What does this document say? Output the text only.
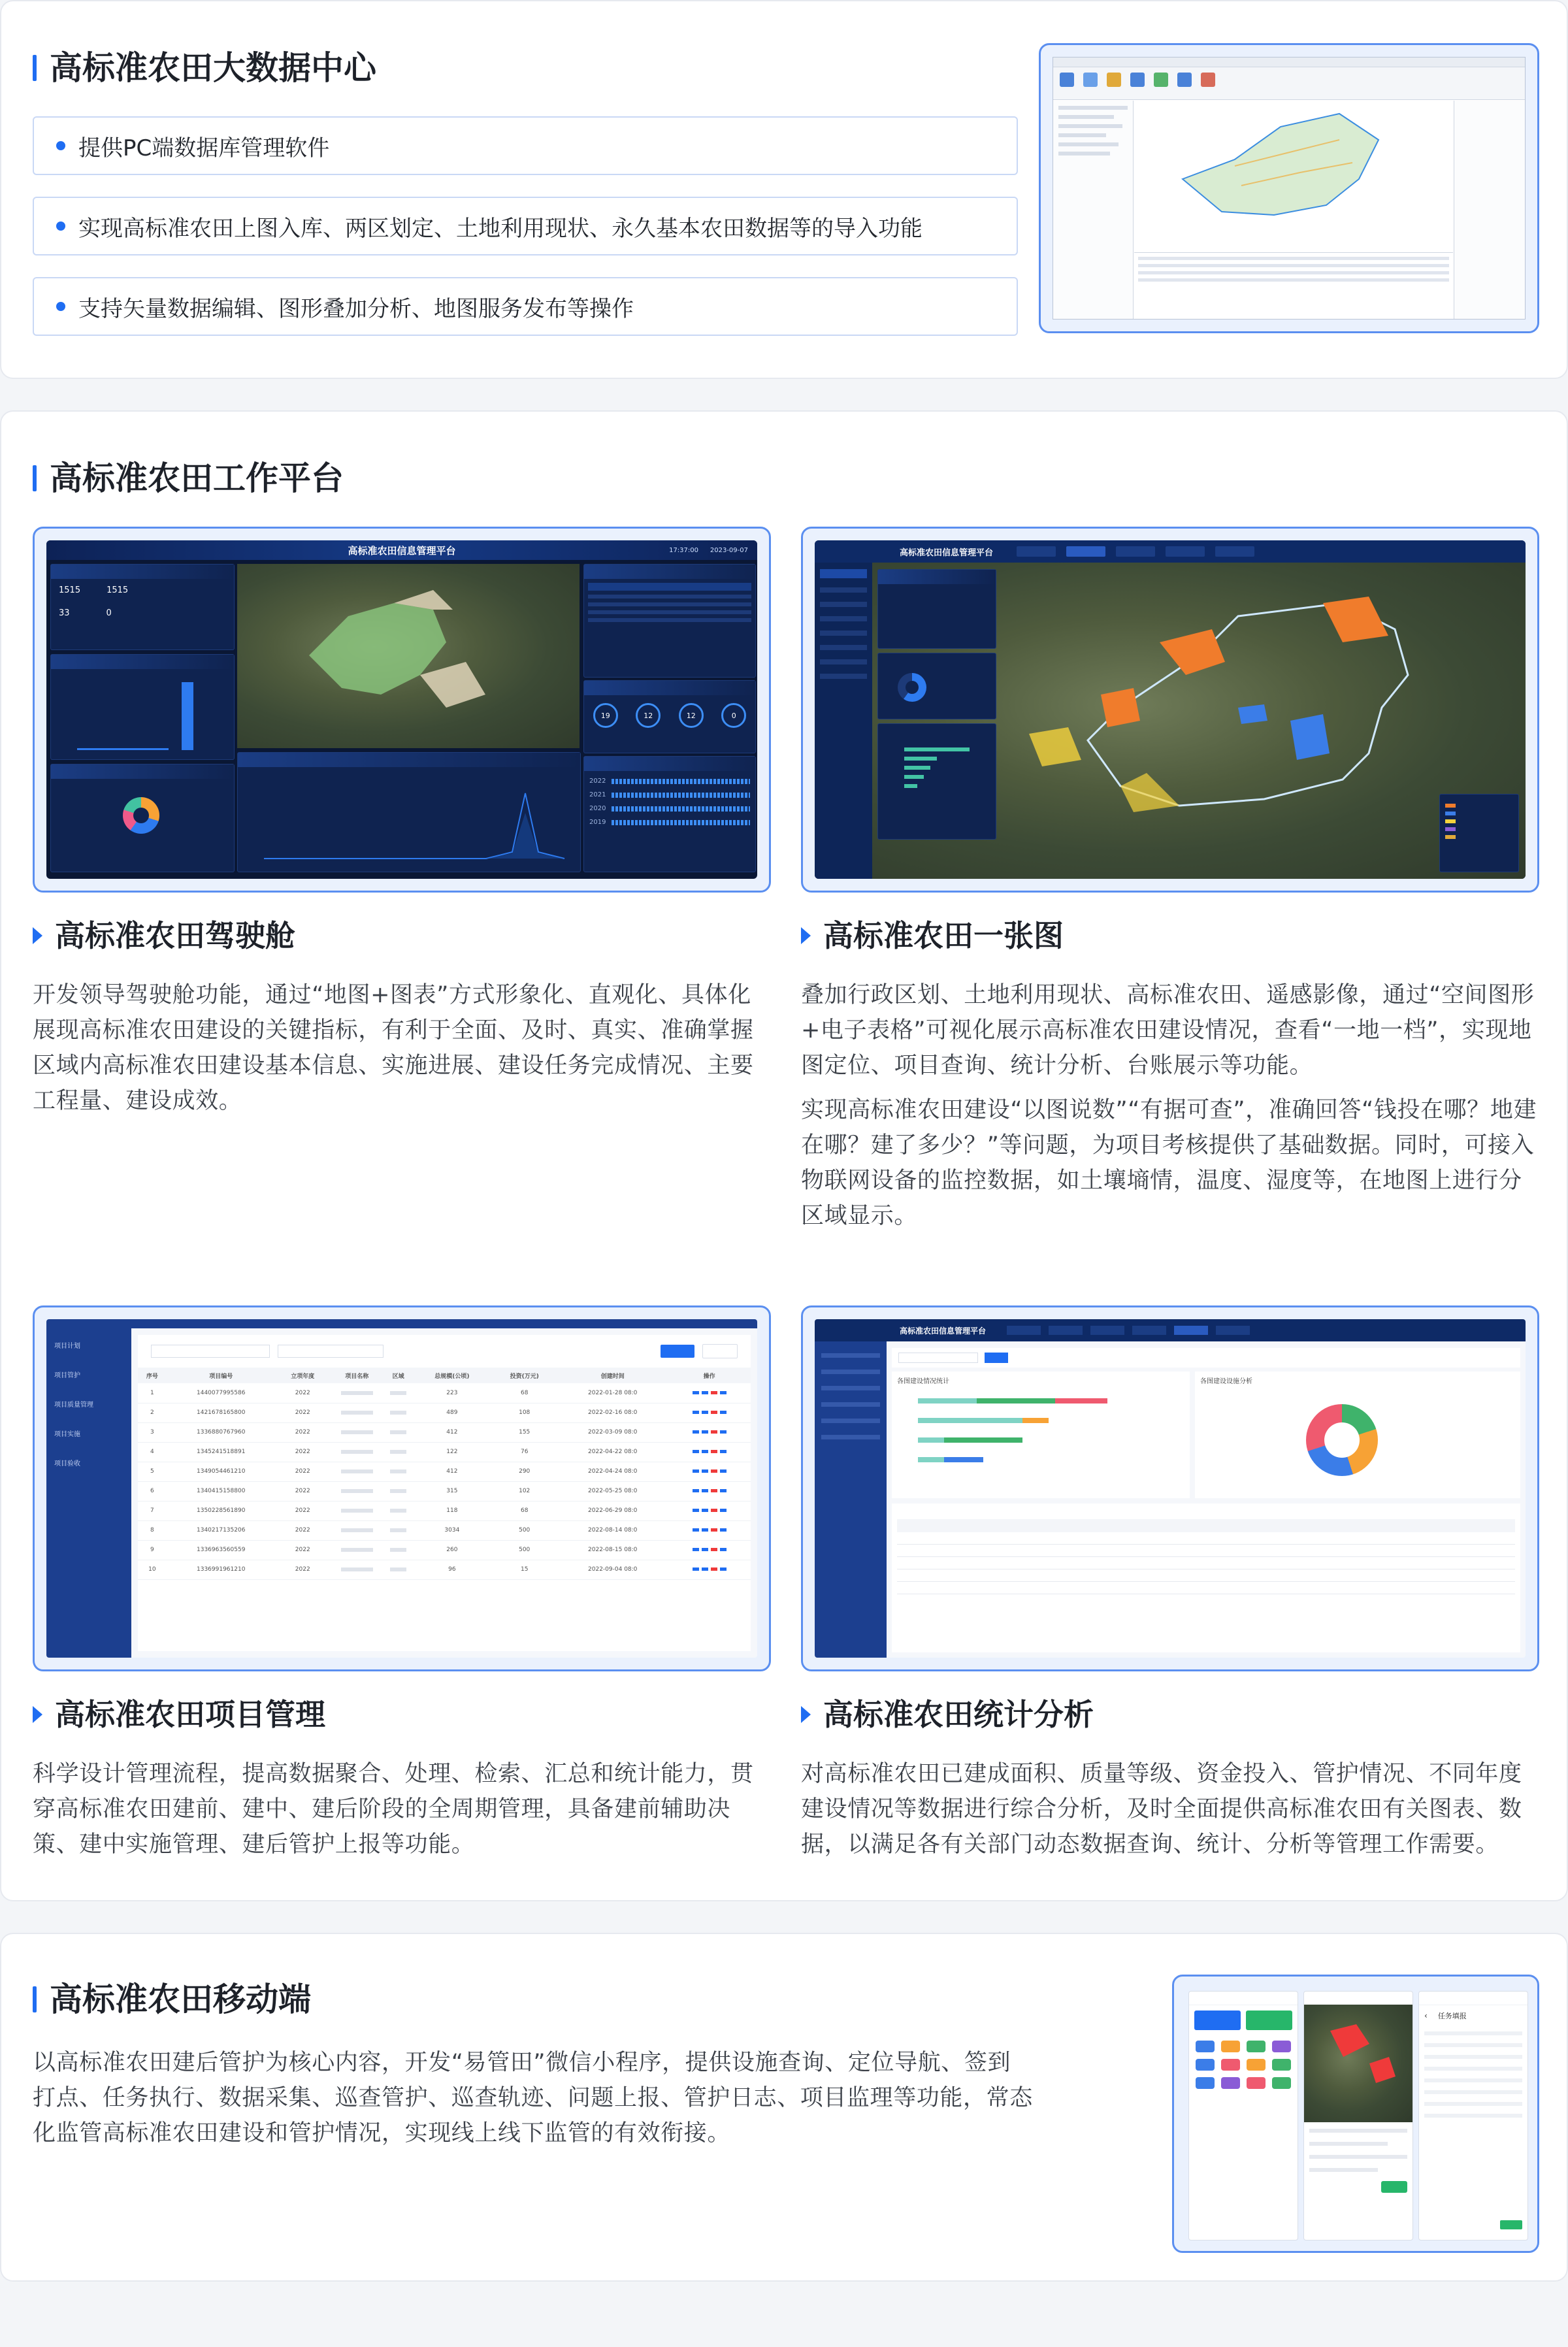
高标准农田大数据中心
提供PC端数据库管理软件
实现高标准农田上图入库、两区划定、土地利用现状、永久基本农田数据等的导入功能
支持矢量数据编辑、图形叠加分析、地图服务发布等操作
高标准农田工作平台
高标准农田信息管理平台	17:37:00 2023-09-07
1515	1515
33	0
19	12	12	0
2022
2021
2020
2019
高标准农田信息管理平台
高标准农田驾驶舱

开发领导驾驶舱功能，通过“地图+图表”方式形象化、直观化、具体化展现高标准农田建设的关键指标，有利于全面、及时、真实、准确掌握区域内高标准农田建设基本信息、实施进展、建设任务完成情况、主要工程量、建设成效。

高标准农田一张图

叠加行政区划、土地利用现状、高标准农田、遥感影像，通过“空间图形+电子表格”可视化展示高标准农田建设情况，查看“一地一档”，实现地图定位、项目查询、统计分析、台账展示等功能。

实现高标准农田建设“以图说数”“有据可查”，准确回答“钱投在哪？地建在哪？建了多少？”等问题，为项目考核提供了基础数据。同时，可接入物联网设备的监控数据，如土壤墒情，温度、湿度等，在地图上进行分区域显示。

项目计划
项目管护
项目质量管理
项目实施
项目验收
序号	项目编号	立项年度	项目名称	区域	总规模(公顷)	投资(万元)	创建时间	操作
1	1440077995586	2022			223	68	2022-01-28 08:0	
2	1421678165800	2022			489	108	2022-02-16 08:0	
3	1336880767960	2022			412	155	2022-03-09 08:0	
4	1345241518891	2022			122	76	2022-04-22 08:0	
5	1349054461210	2022			412	290	2022-04-24 08:0	
6	1340415158800	2022			315	102	2022-05-25 08:0	
7	1350228561890	2022			118	68	2022-06-29 08:0	
8	1340217135206	2022			3034	500	2022-08-14 08:0	
9	1336963560559	2022			260	500	2022-08-15 08:0	
10	1336991961210	2022			96	15	2022-09-04 08:0	
高标准农田信息管理平台
各图建设情况统计	各图建设设施分析
高标准农田项目管理

科学设计管理流程，提高数据聚合、处理、检索、汇总和统计能力，贯穿高标准农田建前、建中、建后阶段的全周期管理，具备建前辅助决策、建中实施管理、建后管护上报等功能。

高标准农田统计分析

对高标准农田已建成面积、质量等级、资金投入、管护情况、不同年度建设情况等数据进行综合分析，及时全面提供高标准农田有关图表、数据，以满足各有关部门动态数据查询、统计、分析等管理工作需要。

高标准农田移动端

以高标准农田建后管护为核心内容，开发“易管田”微信小程序，提供设施查询、定位导航、签到打点、任务执行、数据采集、巡查管护、巡查轨迹、问题上报、管护日志、项目监理等功能，常态化监管高标准农田建设和管护情况，实现线上线下监管的有效衔接。

‹ 任务填报
